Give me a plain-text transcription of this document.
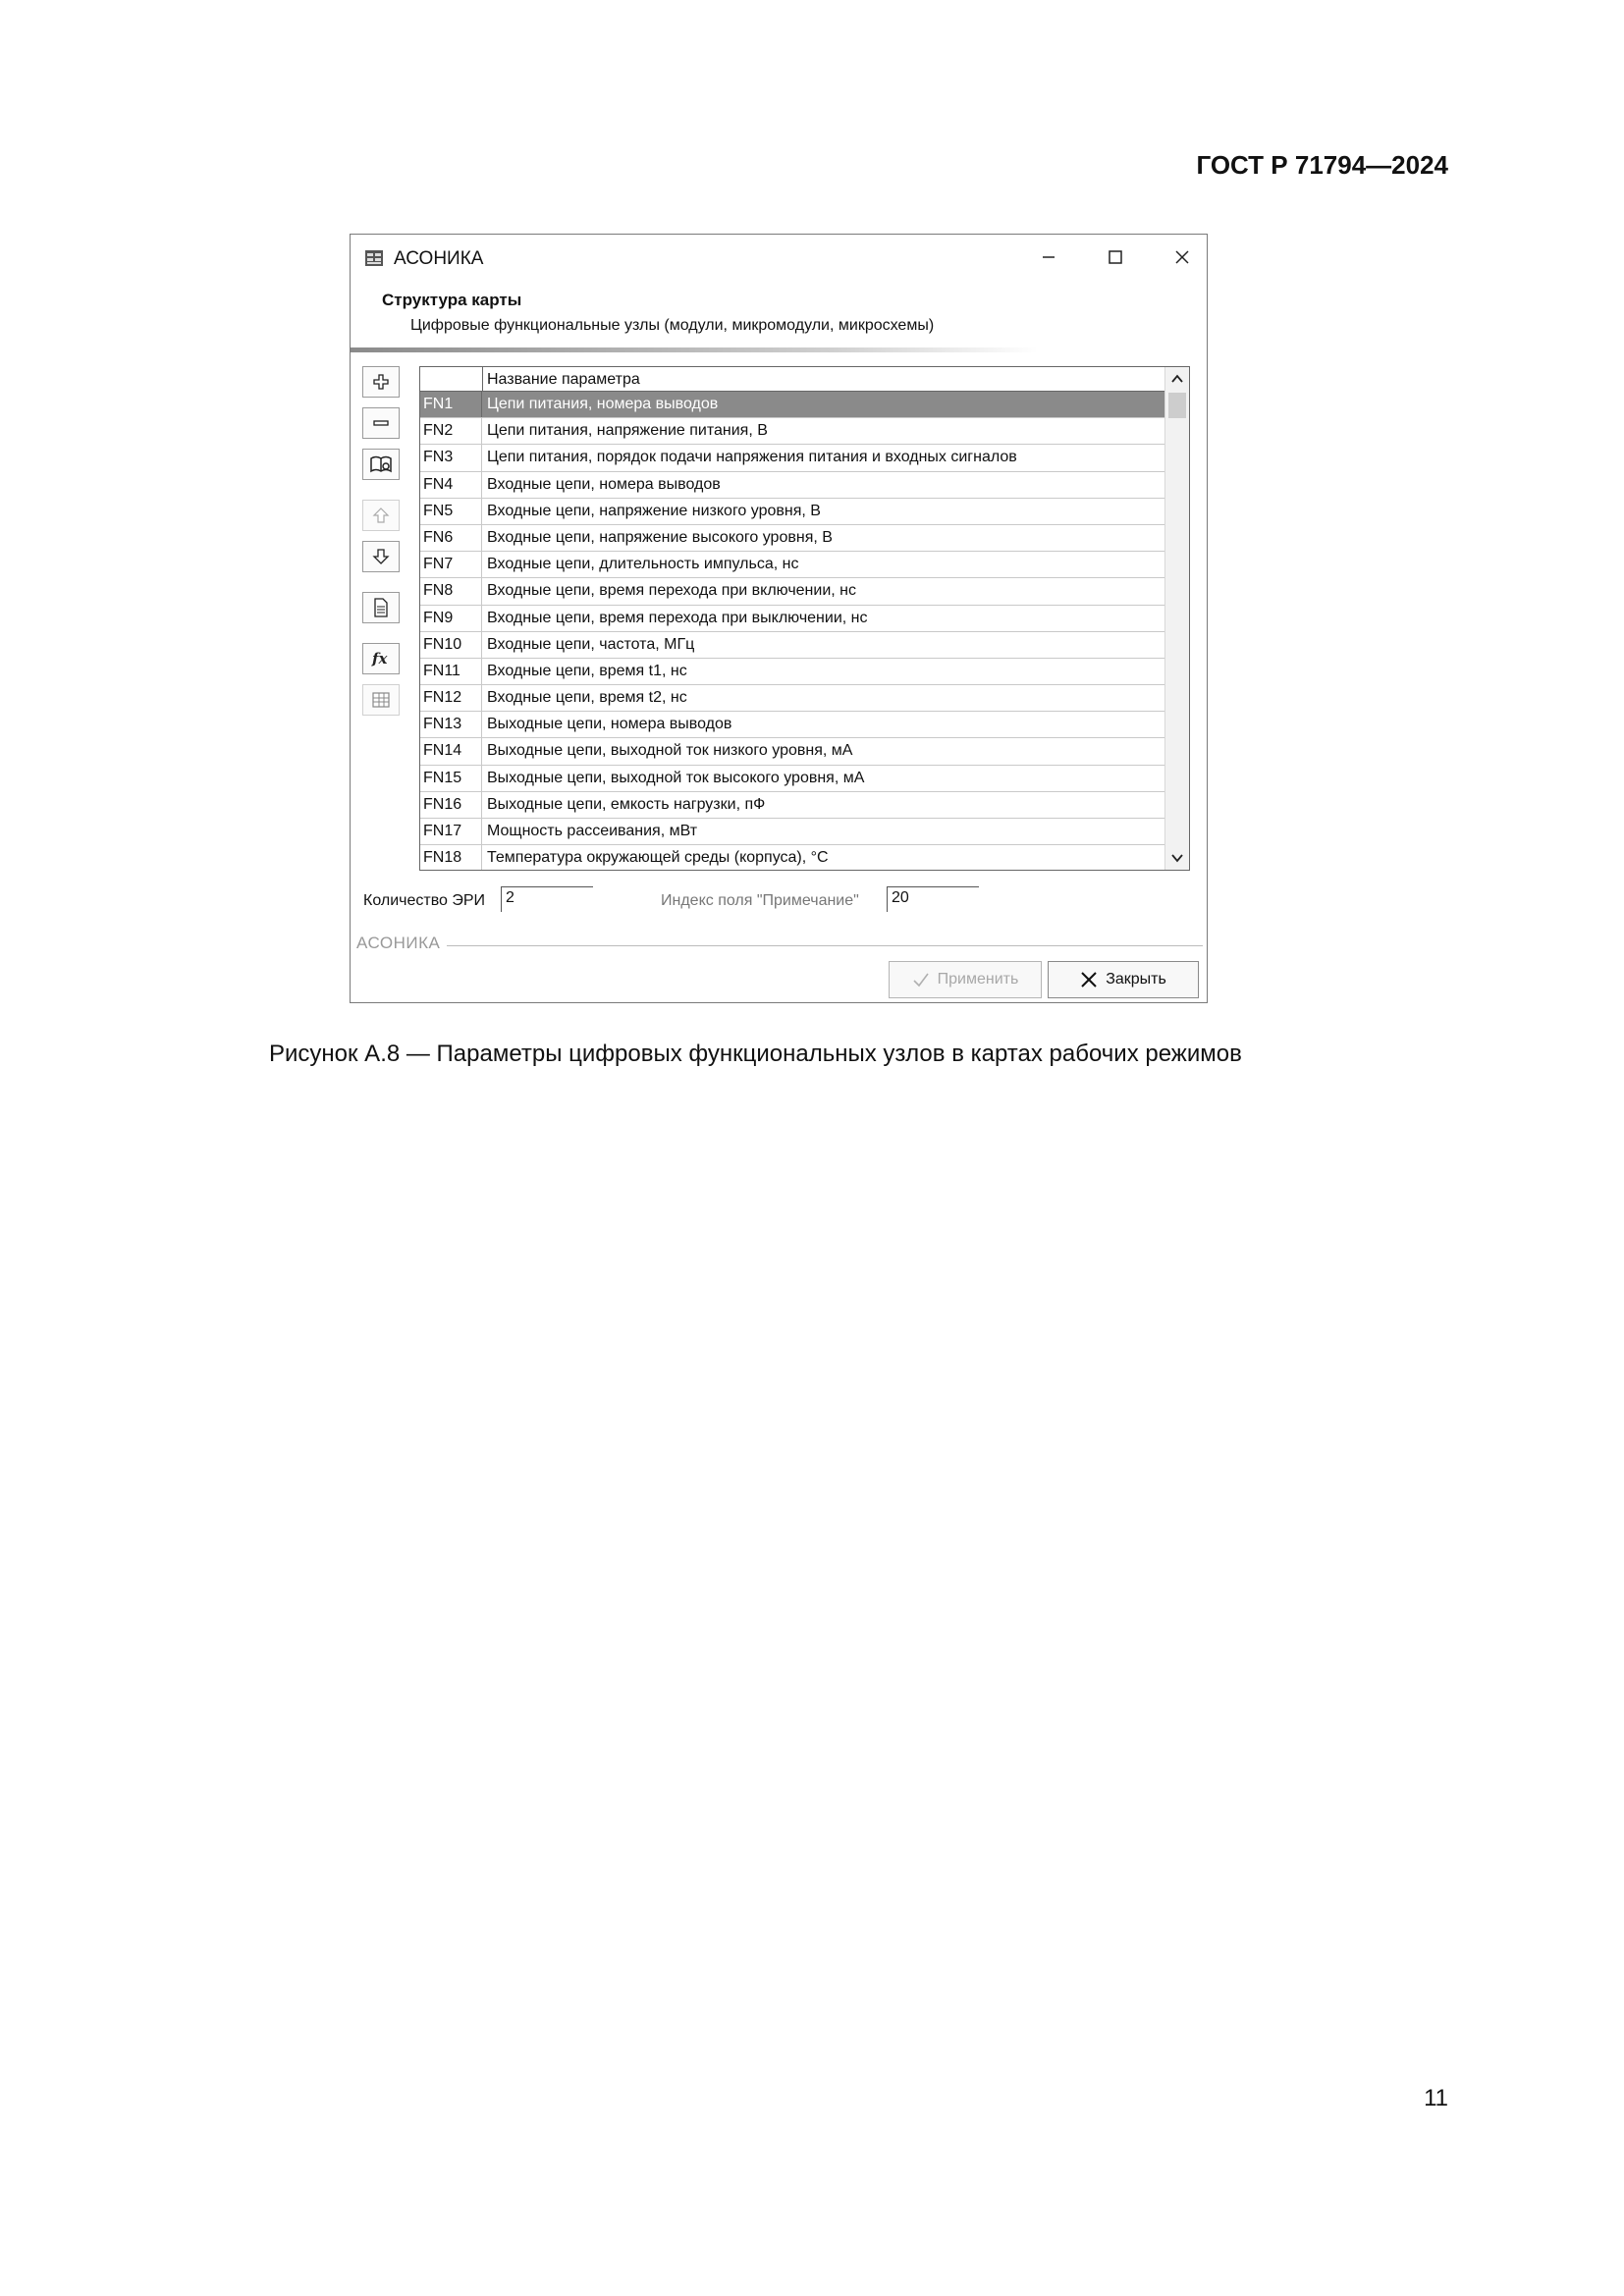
ГОСТ Р 71794—2024
АСОНИКА
Структура карты
Цифровые функциональные узлы (модули, микромодули, микросхемы)
fx
Название параметра
FN1	Цепи питания, номера выводов
FN2	Цепи питания, напряжение питания, В
FN3	Цепи питания, порядок подачи напряжения питания и входных сигналов
FN4	Входные цепи, номера выводов
FN5	Входные цепи, напряжение низкого уровня, В
FN6	Входные цепи, напряжение высокого уровня, В
FN7	Входные цепи, длительность импульса, нс
FN8	Входные цепи, время перехода при включении, нс
FN9	Входные цепи, время перехода при выключении, нс
FN10	Входные цепи, частота, МГц
FN11	Входные цепи, время t1, нс
FN12	Входные цепи, время t2, нс
FN13	Выходные цепи, номера выводов
FN14	Выходные цепи, выходной ток низкого уровня, мА
FN15	Выходные цепи, выходной ток высокого уровня, мА
FN16	Выходные цепи, емкость нагрузки, пФ
FN17	Мощность рассеивания, мВт
FN18	Температура окружающей среды (корпуса), °С
Количество ЭРИ	2	Индекс поля "Примечание"	20
АСОНИКА
Применить	Закрыть
Рисунок А.8 — Параметры цифровых функциональных узлов в картах рабочих режимов
11
